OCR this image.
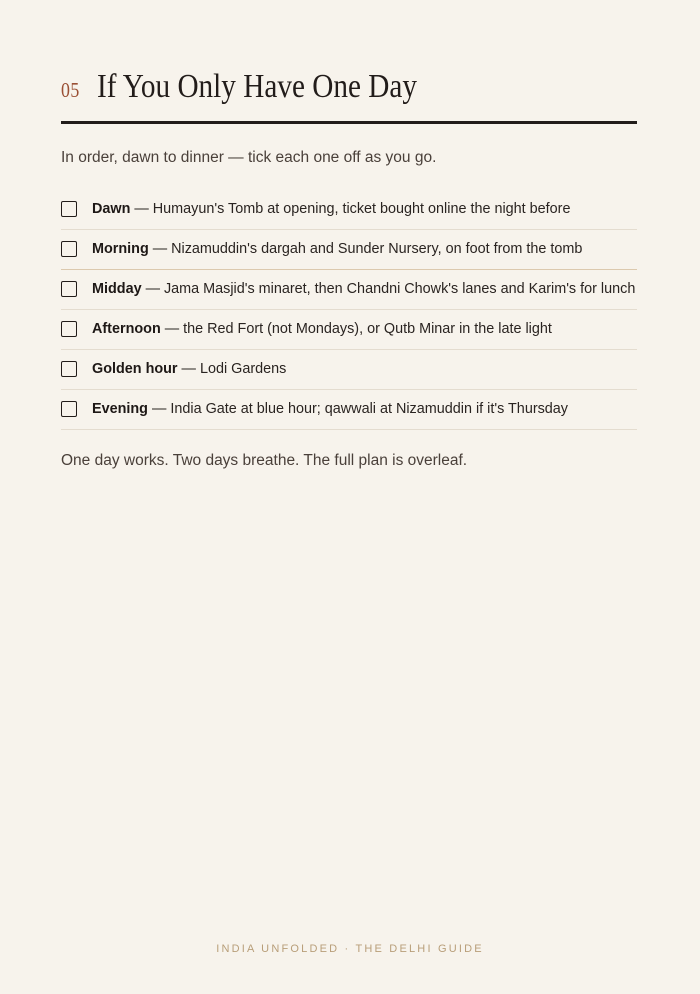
05 If You Only Have One Day

In order, dawn to dinner — tick each one off as you go.

Dawn — Humayun's Tomb at opening, ticket bought online the night before
Morning — Nizamuddin's dargah and Sunder Nursery, on foot from the tomb
Midday — Jama Masjid's minaret, then Chandni Chowk's lanes and Karim's for lunch
Afternoon — the Red Fort (not Mondays), or Qutb Minar in the late light
Golden hour — Lodi Gardens
Evening — India Gate at blue hour; qawwali at Nizamuddin if it's Thursday

One day works. Two days breathe. The full plan is overleaf.

INDIA UNFOLDED · THE DELHI GUIDE
